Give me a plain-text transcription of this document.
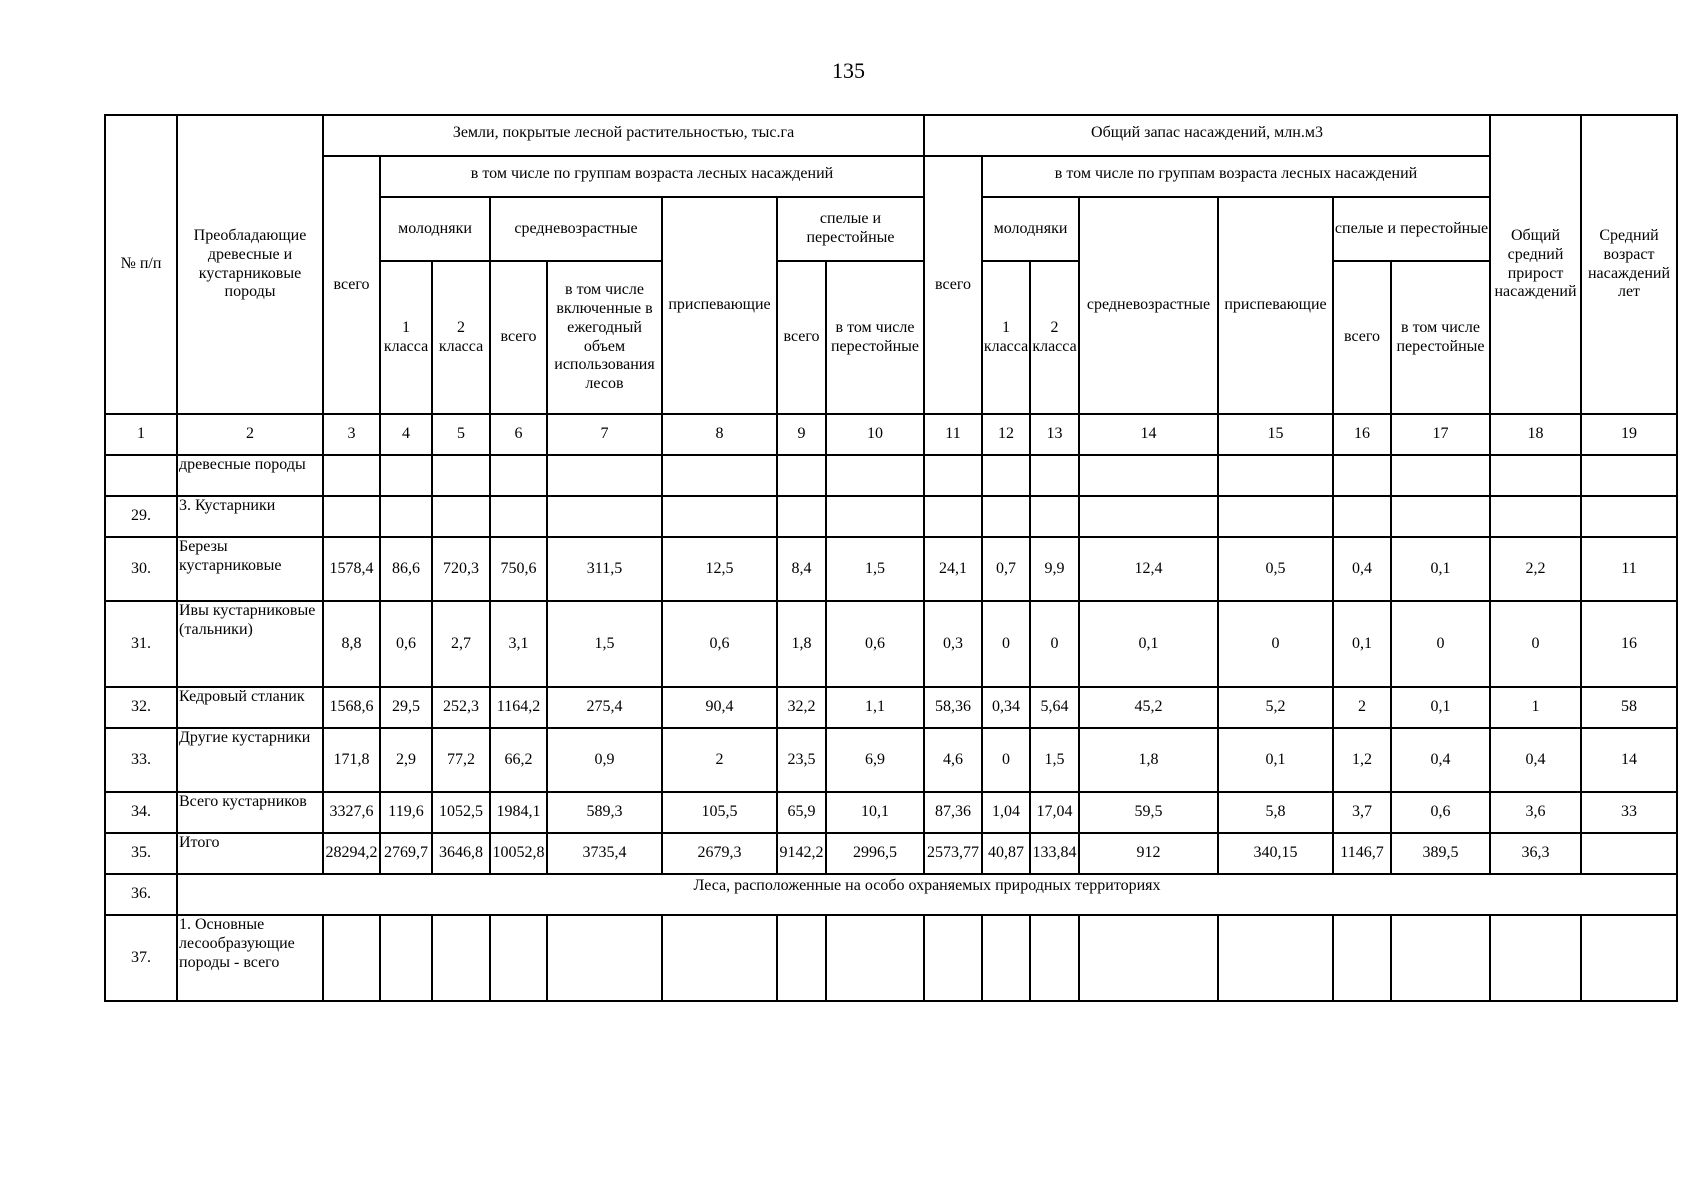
135
№ п/п	Преобладающие древесные и кустарниковые породы	Земли, покрытые лесной растительностью, тыс.га								Общий запас насаждений, млн.м3							Общий средний прирост насаждений	Средний возраст насаждений лет
		всего	в том числе по группам возраста лесных насаждений							всего	в том числе по группам возраста лесных насаждений							
			молодняки		средневозрастные		приспевающие	спелые и перестойные			молодняки		средневозрастные	приспевающие	спелые и перестойные			
			1 класса	2 класса	всего	в том числе включенные в ежегодный объем использования лесов		всего	в том числе перестойные		1 класса	2 класса			всего	в том числе перестойные		
1	2	3	4	5	6	7	8	9	10	11	12	13	14	15	16	17	18	19
	древесные породы																	
29.	3. Кустарники																	
30.	Березы кустарниковые	1578,4	86,6	720,3	750,6	311,5	12,5	8,4	1,5	24,1	0,7	9,9	12,4	0,5	0,4	0,1	2,2	11
31.	Ивы кустарниковые (тальники)	8,8	0,6	2,7	3,1	1,5	0,6	1,8	0,6	0,3	0	0	0,1	0	0,1	0	0	16
32.	Кедровый стланик	1568,6	29,5	252,3	1164,2	275,4	90,4	32,2	1,1	58,36	0,34	5,64	45,2	5,2	2	0,1	1	58
33.	Другие кустарники	171,8	2,9	77,2	66,2	0,9	2	23,5	6,9	4,6	0	1,5	1,8	0,1	1,2	0,4	0,4	14
34.	Всего кустарников	3327,6	119,6	1052,5	1984,1	589,3	105,5	65,9	10,1	87,36	1,04	17,04	59,5	5,8	3,7	0,6	3,6	33
35.	Итого	28294,2	2769,7	3646,8	10052,8	3735,4	2679,3	9142,2	2996,5	2573,77	40,87	133,84	912	340,15	1146,7	389,5	36,3	
36.	Леса, расположенные на особо охраняемых природных территориях																	
37.	1. Основные лесообразующие породы - всего																	
